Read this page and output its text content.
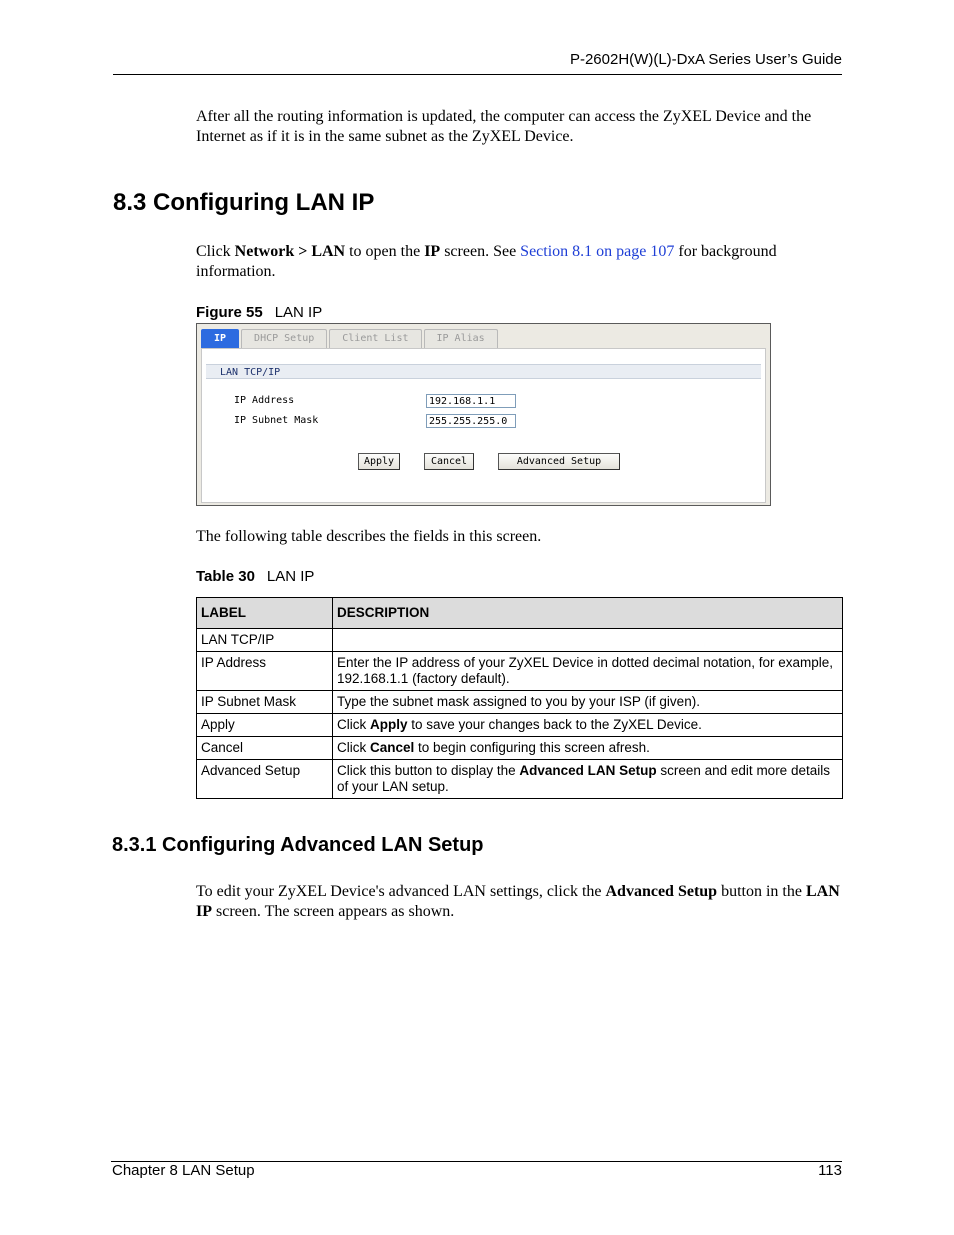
P-2602H(W)(L)-DxA Series User’s Guide
After all the routing information is updated, the computer can access the ZyXEL Device and the Internet as if it is in the same subnet as the ZyXEL Device.
8.3 Configuring LAN IP
Click Network > LAN to open the IP screen. See Section 8.1 on page 107 for background information.
Figure 55 LAN IP
IP	DHCP Setup	Client List	IP Alias
LAN TCP/IP
IP Address	192.168.1.1
IP Subnet Mask	255.255.255.0
Apply	Cancel	Advanced Setup
The following table describes the fields in this screen.
Table 30 LAN IP
LABEL	DESCRIPTION
LAN TCP/IP	
IP Address	Enter the IP address of your ZyXEL Device in dotted decimal notation, for example, 192.168.1.1 (factory default).
IP Subnet Mask	Type the subnet mask assigned to you by your ISP (if given).
Apply	Click Apply to save your changes back to the ZyXEL Device.
Cancel	Click Cancel to begin configuring this screen afresh.
Advanced Setup	Click this button to display the Advanced LAN Setup screen and edit more details of your LAN setup.
8.3.1 Configuring Advanced LAN Setup
To edit your ZyXEL Device's advanced LAN settings, click the Advanced Setup button in the LAN IP screen. The screen appears as shown.
Chapter 8 LAN Setup	113
